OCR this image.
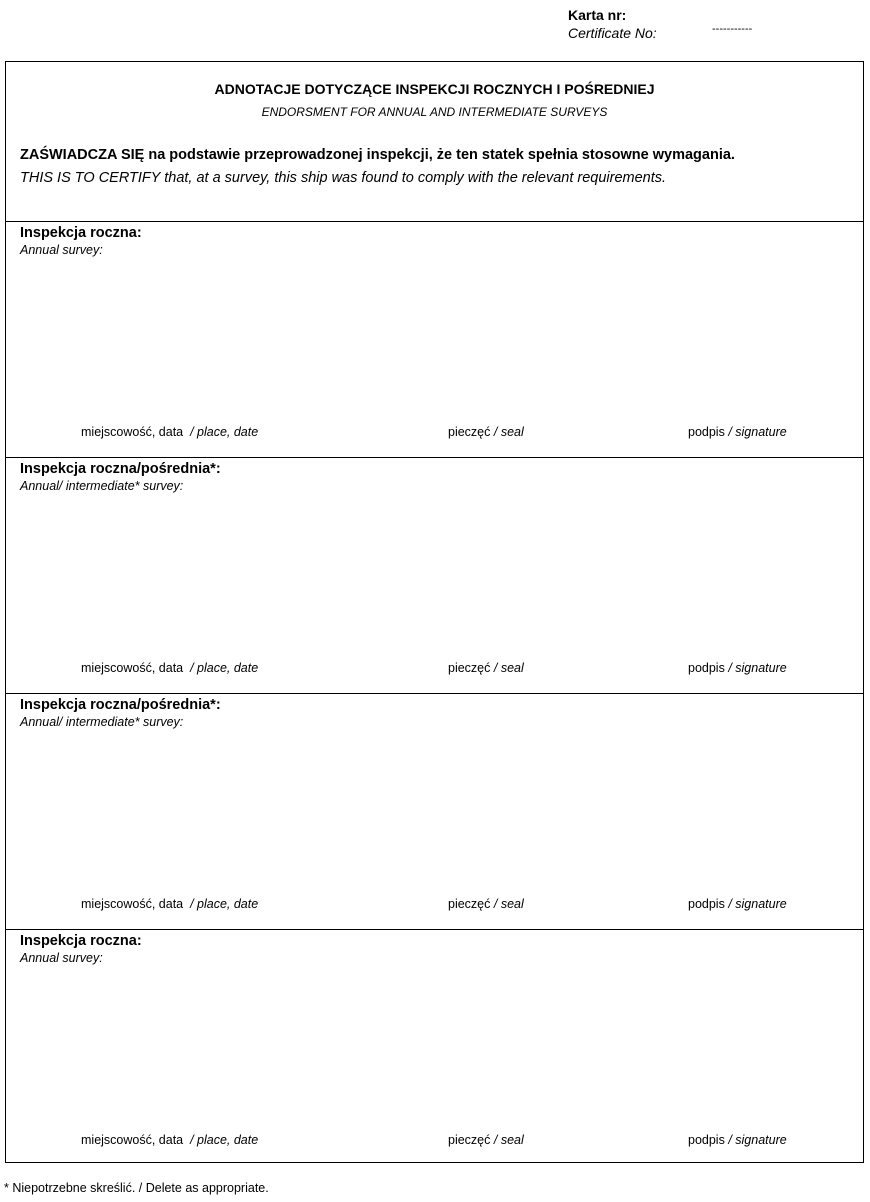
Karta nr:
Certificate No:	-----------
ADNOTACJE DOTYCZĄCE INSPEKCJI ROCZNYCH I POŚREDNIEJ
ENDORSMENT FOR ANNUAL AND INTERMEDIATE SURVEYS
ZAŚWIADCZA SIĘ na podstawie przeprowadzonej inspekcji, że ten statek spełnia stosowne wymagania.
THIS IS TO CERTIFY that, at a survey, this ship was found to comply with the relevant requirements.
Inspekcja roczna:
Annual survey:
miejscowość, data / place, date	pieczęć / seal	podpis / signature
Inspekcja roczna/pośrednia*:
Annual/ intermediate* survey:
miejscowość, data / place, date	pieczęć / seal	podpis / signature
Inspekcja roczna/pośrednia*:
Annual/ intermediate* survey:
miejscowość, data / place, date	pieczęć / seal	podpis / signature
Inspekcja roczna:
Annual survey:
miejscowość, data / place, date	pieczęć / seal	podpis / signature
* Niepotrzebne skreślić. / Delete as appropriate.
